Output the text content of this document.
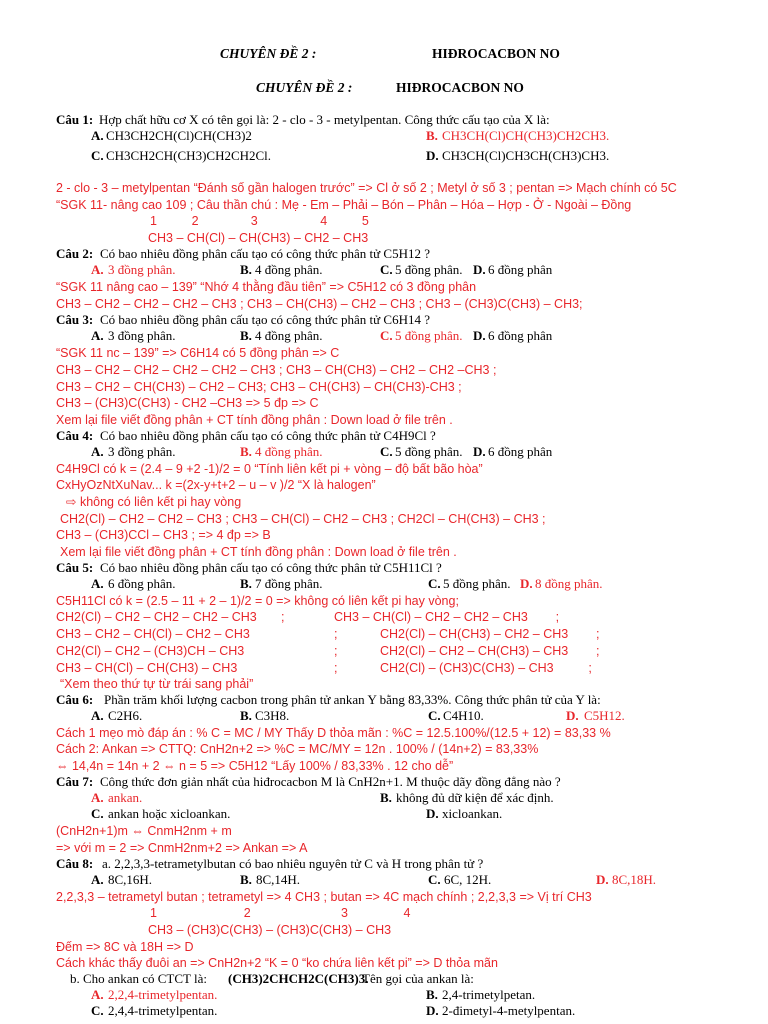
CHUYÊN ĐỀ 2 :	HIĐROCACBON NO
CHUYÊN ĐỀ 2 :	HIĐROCACBON NO
Câu 1: Hợp chất hữu cơ X có tên gọi là: 2 - clo - 3 - metylpentan. Công thức cấu tạo của X là:
A. CH3CH2CH(Cl)CH(CH3)2	B. CH3CH(Cl)CH(CH3)CH2CH3.
C. CH3CH2CH(CH3)CH2CH2Cl.	D. CH3CH(Cl)CH3CH(CH3)CH3.
2 - clo - 3 – metylpentan “Đánh số gần halogen trước” => Cl ở số 2 ; Metyl ở số 3 ; pentan => Mạch chính có 5C
“SGK 11- nâng cao 109 ; Câu thần chú : Mẹ - Em – Phải – Bón – Phân – Hóa – Hợp - Ở - Ngoài – Đồng
1          2               3                  4          5
CH3 – CH(Cl) – CH(CH3) – CH2 – CH3
Câu 2: Có bao nhiêu đồng phân cấu tạo có công thức phân tử C5H12 ?
A. 3 đồng phân.	B. 4 đồng phân.	C. 5 đồng phân. D. 6 đồng phân
“SGK 11 nâng cao – 139” “Nhớ 4 thằng đầu tiên” => C5H12 có 3 đồng phân
CH3 – CH2 – CH2 – CH2 – CH3 ; CH3 – CH(CH3) – CH2 – CH3 ; CH3 – (CH3)C(CH3) – CH3;
Câu 3: Có bao nhiêu đồng phân cấu tạo có công thức phân tử C6H14 ?
A. 3 đồng phân.	B. 4 đồng phân.	C. 5 đồng phân. D. 6 đồng phân
“SGK 11 nc – 139” => C6H14 có 5 đồng phân => C
CH3 – CH2 – CH2 – CH2 – CH2 – CH3 ; CH3 – CH(CH3) – CH2 – CH2 –CH3 ;
CH3 – CH2 – CH(CH3) – CH2 – CH3; CH3 – CH(CH3) – CH(CH3)-CH3 ;
CH3 – (CH3)C(CH3) - CH2 –CH3 => 5 đp => C
Xem lại file viết đồng phân + CT tính đồng phân : Down load ở file trên .
Câu 4: Có bao nhiêu đồng phân cấu tạo có công thức phân tử C4H9Cl ?
A. 3 đồng phân.	B. 4 đồng phân.	C. 5 đồng phân. D. 6 đồng phân
C4H9Cl có k = (2.4 – 9 +2 -1)/2 = 0 “Tính liên kết pi + vòng – độ bất bão hòa”
CxHyOzNtXuNav... k =(2x-y+t+2 – u – v )/2 “X là halogen”
⇨ không có liên kết pi hay vòng
CH2(Cl) – CH2 – CH2 – CH3 ; CH3 – CH(Cl) – CH2 – CH3 ; CH2Cl – CH(CH3) – CH3 ;
CH3 – (CH3)CCl – CH3 ; => 4 đp => B
Xem lại file viết đồng phân + CT tính đồng phân : Down load ở file trên .
Câu 5: Có bao nhiêu đồng phân cấu tạo có công thức phân tử C5H11Cl ?
A. 6 đồng phân.	B. 7 đồng phân.	C. 5 đồng phân. D. 8 đồng phân.
C5H11Cl có k = (2.5 – 11 + 2 – 1)/2 = 0 => không có liên kết pi hay vòng;
CH2(Cl) – CH2 – CH2 – CH2 – CH3       ;	CH3 – CH(Cl) – CH2 – CH2 – CH3        ;
CH3 – CH2 – CH(Cl) – CH2 – CH3	;	CH2(Cl) – CH(CH3) – CH2 – CH3        ;
CH2(Cl) – CH2 – (CH3)CH – CH3	;	CH2(Cl) – CH2 – CH(CH3) – CH3        ;
CH3 – CH(Cl) – CH(CH3) – CH3	;	CH2(Cl) – (CH3)C(CH3) – CH3          ;
“Xem theo thứ tự từ trái sang phải”
Câu 6: Phần trăm khối lượng cacbon trong phân tử ankan Y bằng 83,33%. Công thức phân tử của Y là:
A. C2H6.	B. C3H8.	C. C4H10.	D. C5H12.
Cách 1 mẹo mò đáp án : % C = MC / MY Thấy D thỏa mãn : %C = 12.5.100%/(12.5 + 12) = 83,33 %
Cách 2: Ankan => CTTQ: CnH2n+2 => %C = MC/MY = 12n . 100% / (14n+2) = 83,33%
⇔ 14,4n = 14n + 2 ⇔ n = 5 => C5H12 “Lấy 100% / 83,33% . 12 cho dễ”
Câu 7: Công thức đơn giản nhất của hiđrocacbon M là CnH2n+1. M thuộc dãy đồng đẳng nào ?
A. ankan.	B. không đủ dữ kiện để xác định.
C. ankan hoặc xicloankan.	D. xicloankan.
(CnH2n+1)m ⇔ CnmH2nm + m
=> với m = 2 => CnmH2nm+2 => Ankan => A
Câu 8: a. 2,2,3,3-tetrametylbutan có bao nhiêu nguyên tử C và H trong phân tử ?
A. 8C,16H.	B. 8C,14H.	C. 6C, 12H.	D. 8C,18H.
2,2,3,3 – tetrametyl butan ; tetrametyl => 4 CH3 ; butan => 4C mạch chính ; 2,2,3,3 => Vị trí CH3
1                         2                          3                4
CH3 – (CH3)C(CH3) – (CH3)C(CH3) – CH3
Đếm => 8C và 18H => D
Cách khác thấy đuôi an => CnH2n+2 “K = 0 “ko chứa liên kết pi” => D thỏa mãn
b. Cho ankan có CTCT là: (CH3)2CHCH2C(CH3)3.
Tên gọi của ankan là:
A. 2,2,4-trimetylpentan.	B. 2,4-trimetylpetan.
C. 2,4,4-trimetylpentan.	D. 2-đimetyl-4-metylpentan.
